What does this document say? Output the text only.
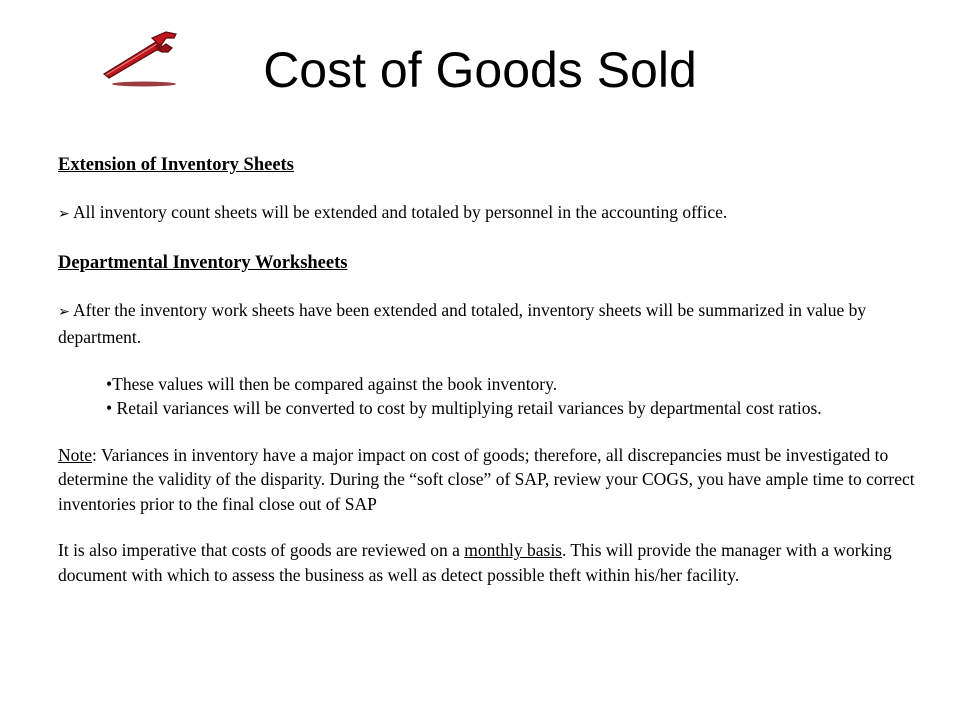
Cost of Goods Sold

Extension of Inventory Sheets

➢ All inventory count sheets will be extended and totaled by personnel in the accounting office.

Departmental Inventory Worksheets

➢ After the inventory work sheets have been extended and totaled, inventory sheets will be summarized in value by department.

•These values will then be compared against the book inventory.

• Retail variances will be converted to cost by multiplying retail variances by departmental cost ratios.

Note: Variances in inventory have a major impact on cost of goods; therefore, all discrepancies must be investigated to determine the validity of the disparity. During the “soft close” of SAP, review your COGS, you have ample time to correct inventories prior to the final close out of SAP

It is also imperative that costs of goods are reviewed on a monthly basis. This will provide the manager with a working document with which to assess the business as well as detect possible theft within his/her facility.
